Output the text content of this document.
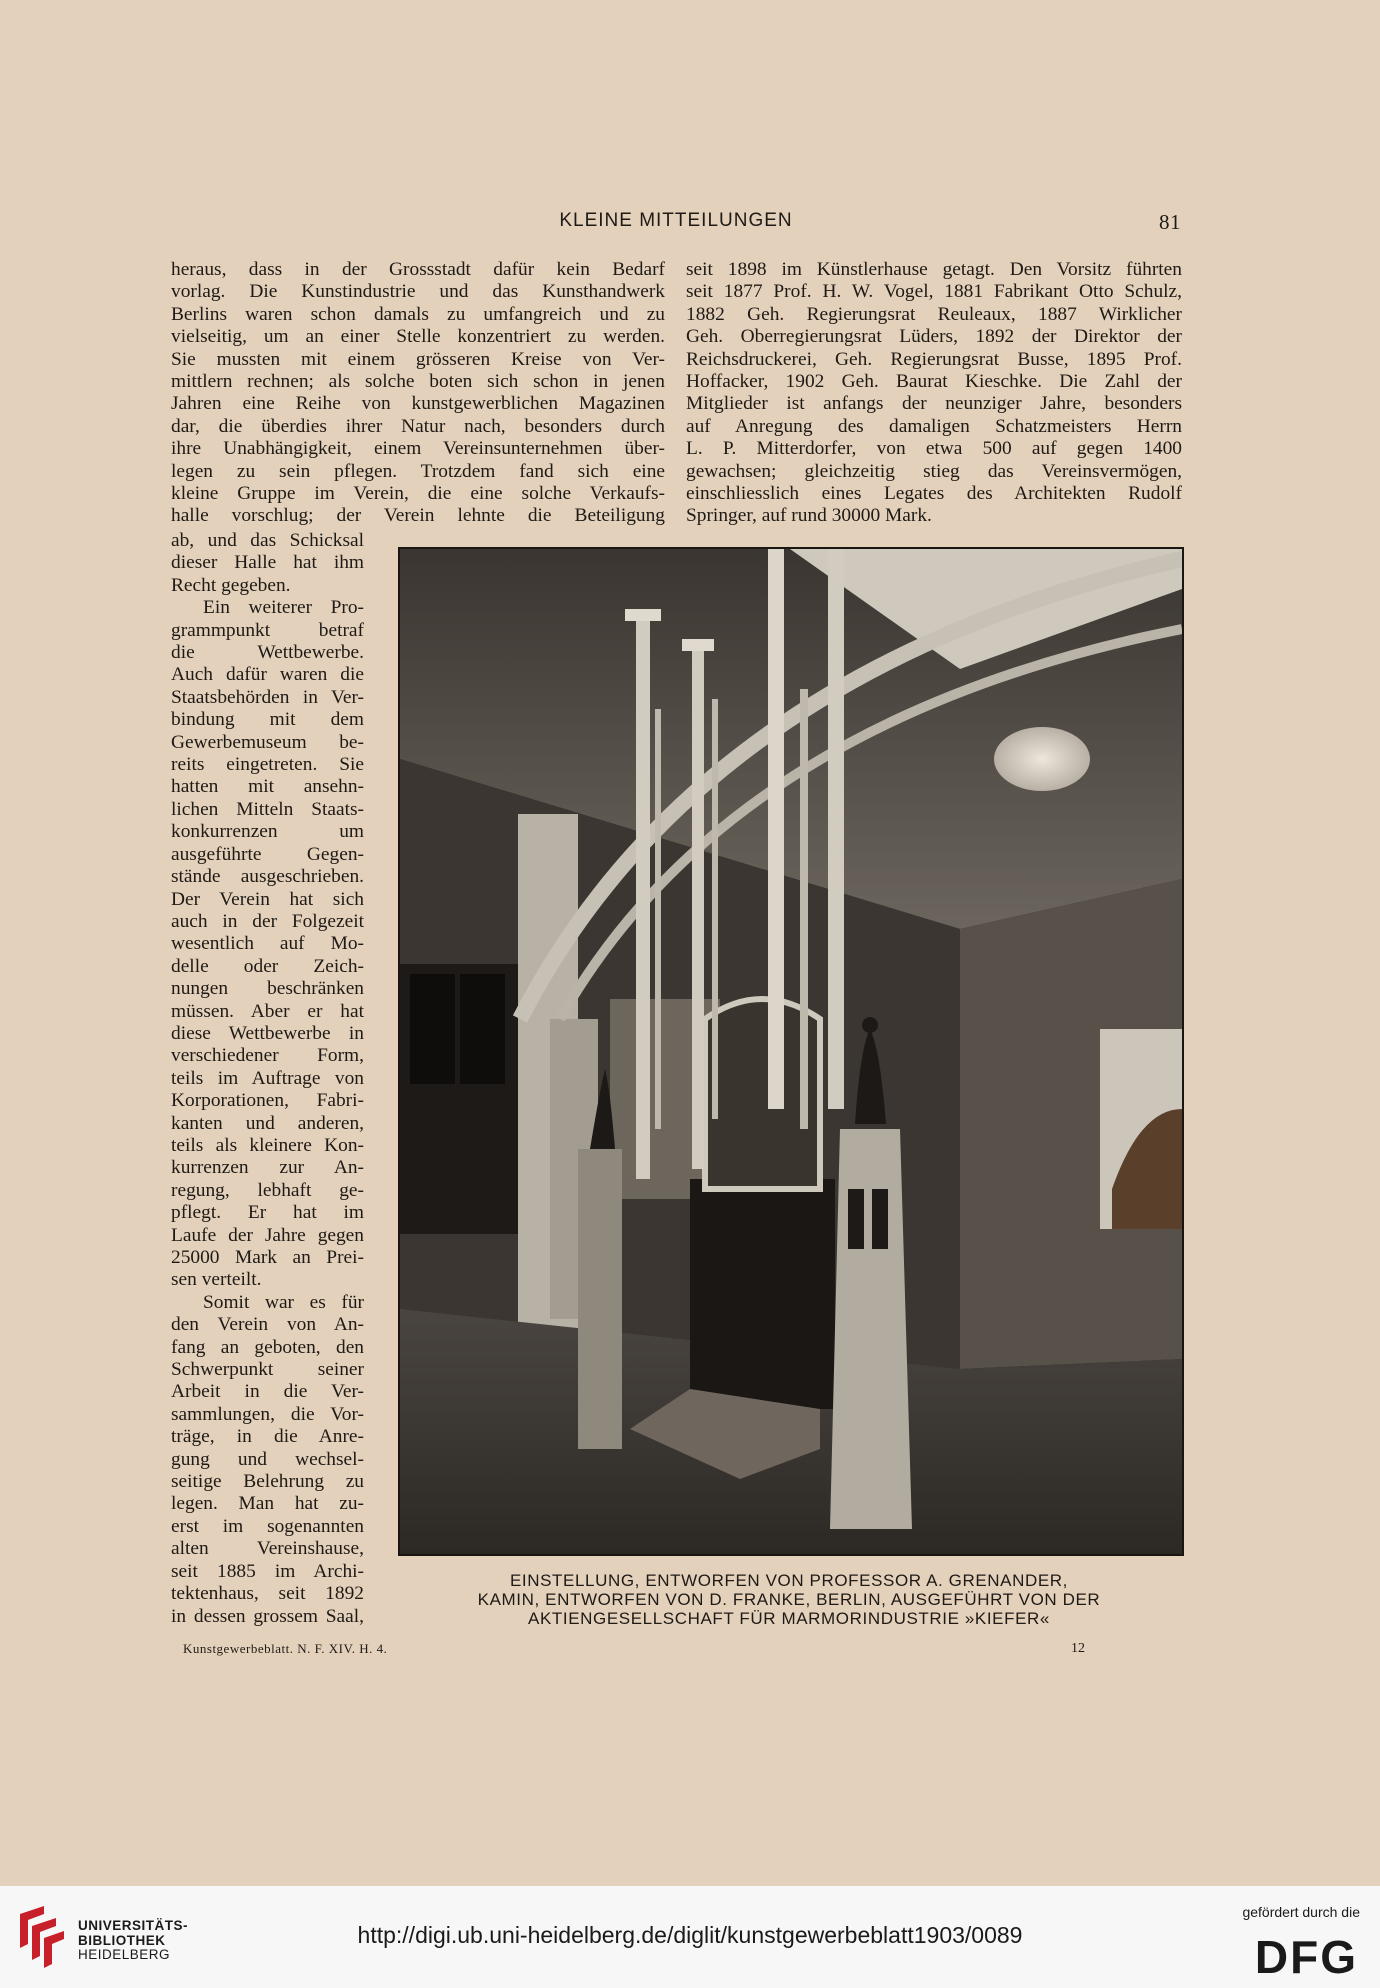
KLEINE MITTEILUNGEN	81
heraus, dass in der Grossstadt dafür kein Bedarf
vorlag. Die Kunstindustrie und das Kunsthandwerk
Berlins waren schon damals zu umfangreich und zu
vielseitig, um an einer Stelle konzentriert zu werden.
Sie mussten mit einem grösseren Kreise von Ver-
mittlern rechnen; als solche boten sich schon in jenen
Jahren eine Reihe von kunstgewerblichen Magazinen
dar, die überdies ihrer Natur nach, besonders durch
ihre Unabhängigkeit, einem Vereinsunternehmen über-
legen zu sein pflegen. Trotzdem fand sich eine
kleine Gruppe im Verein, die eine solche Verkaufs-
halle vorschlug; der Verein lehnte die Beteiligung
ab, und das Schicksal
dieser Halle hat ihm
Recht gegeben.
Ein weiterer Pro-
grammpunkt betraf
die Wettbewerbe.
Auch dafür waren die
Staatsbehörden in Ver-
bindung mit dem
Gewerbemuseum be-
reits eingetreten. Sie
hatten mit ansehn-
lichen Mitteln Staats-
konkurrenzen um
ausgeführte Gegen-
stände ausgeschrieben.
Der Verein hat sich
auch in der Folgezeit
wesentlich auf Mo-
delle oder Zeich-
nungen beschränken
müssen. Aber er hat
diese Wettbewerbe in
verschiedener Form,
teils im Auftrage von
Korporationen, Fabri-
kanten und anderen,
teils als kleinere Kon-
kurrenzen zur An-
regung, lebhaft ge-
pflegt. Er hat im
Laufe der Jahre gegen
25000 Mark an Prei-
sen verteilt.
Somit war es für
den Verein von An-
fang an geboten, den
Schwerpunkt seiner
Arbeit in die Ver-
sammlungen, die Vor-
träge, in die Anre-
gung und wechsel-
seitige Belehrung zu
legen. Man hat zu-
erst im sogenannten
alten Vereinshause,
seit 1885 im Archi-
tektenhaus, seit 1892
in dessen grossem Saal,
seit 1898 im Künstlerhause getagt. Den Vorsitz führten
seit 1877 Prof. H. W. Vogel, 1881 Fabrikant Otto Schulz,
1882 Geh. Regierungsrat Reuleaux, 1887 Wirklicher
Geh. Oberregierungsrat Lüders, 1892 der Direktor der
Reichsdruckerei, Geh. Regierungsrat Busse, 1895 Prof.
Hoffacker, 1902 Geh. Baurat Kieschke. Die Zahl der
Mitglieder ist anfangs der neunziger Jahre, besonders
auf Anregung des damaligen Schatzmeisters Herrn
L. P. Mitterdorfer, von etwa 500 auf gegen 1400
gewachsen; gleichzeitig stieg das Vereinsvermögen,
einschliesslich eines Legates des Architekten Rudolf
Springer, auf rund 30000 Mark.
EINSTELLUNG, ENTWORFEN VON PROFESSOR A. GRENANDER,
KAMIN, ENTWORFEN VON D. FRANKE, BERLIN, AUSGEFÜHRT VON DER
AKTIENGESELLSCHAFT FÜR MARMORINDUSTRIE »KIEFER«
Kunstgewerbeblatt. N. F. XIV. H. 4.	12
UNIVERSITÄTS-
BIBLIOTHEK
HEIDELBERG
http://digi.ub.uni-heidelberg.de/diglit/kunstgewerbeblatt1903/0089
gefördert durch die
DFG
